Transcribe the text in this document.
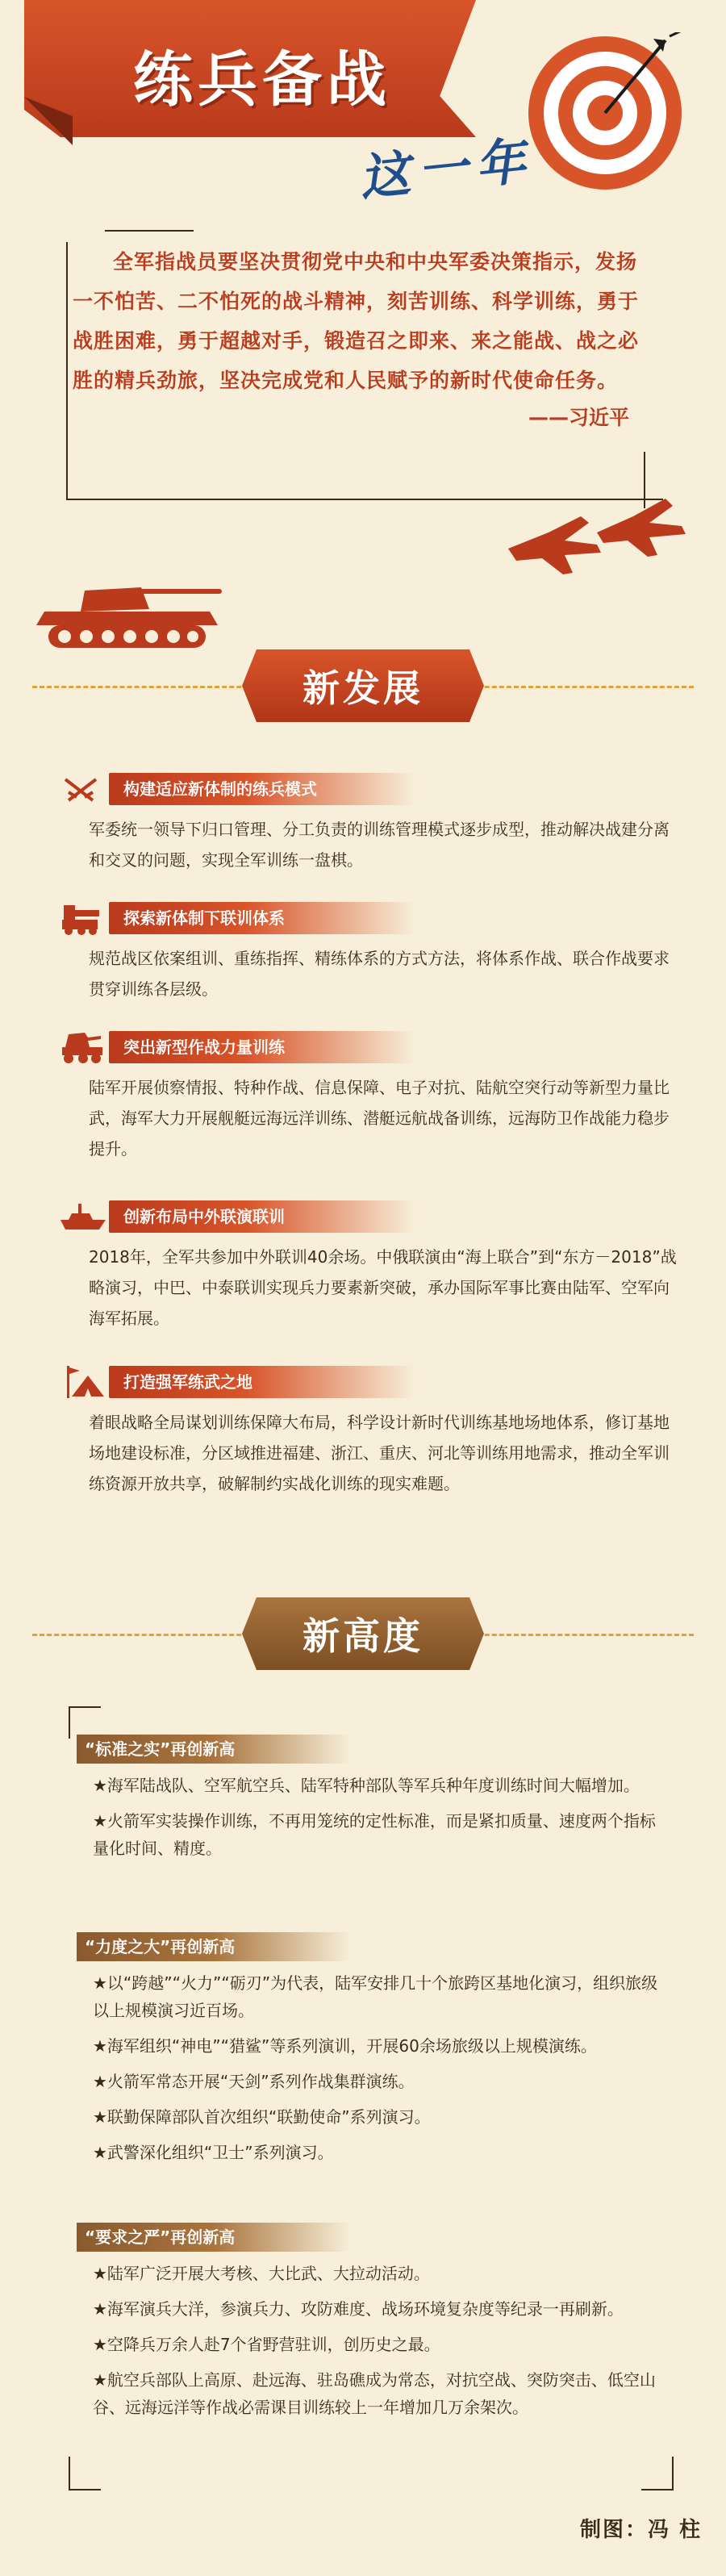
练兵备战
这一年

全军指战员要坚决贯彻党中央和中央军委决策指示，发扬一不怕苦、二不怕死的战斗精神，刻苦训练、科学训练，勇于战胜困难，勇于超越对手，锻造召之即来、来之能战、战之必胜的精兵劲旅，坚决完成党和人民赋予的新时代使命任务。

——习近平

新发展
构建适应新体制的练兵模式

军委统一领导下归口管理、分工负责的训练管理模式逐步成型，推动解决战建分离和交叉的问题，实现全军训练一盘棋。

探索新体制下联训体系

规范战区依案组训、重练指挥、精练体系的方式方法，将体系作战、联合作战要求贯穿训练各层级。

突出新型作战力量训练

陆军开展侦察情报、特种作战、信息保障、电子对抗、陆航空突行动等新型力量比武，海军大力开展舰艇远海远洋训练、潜艇远航战备训练，远海防卫作战能力稳步提升。

创新布局中外联演联训

2018年，全军共参加中外联训40余场。中俄联演由“海上联合”到“东方－2018”战略演习，中巴、中泰联训实现兵力要素新突破，承办国际军事比赛由陆军、空军向海军拓展。

打造强军练武之地

着眼战略全局谋划训练保障大布局，科学设计新时代训练基地场地体系，修订基地场地建设标准，分区域推进福建、浙江、重庆、河北等训练用地需求，推动全军训练资源开放共享，破解制约实战化训练的现实难题。

新高度
“标准之实”再创新高

★海军陆战队、空军航空兵、陆军特种部队等军兵种年度训练时间大幅增加。

★火箭军实装操作训练，不再用笼统的定性标准，而是紧扣质量、速度两个指标量化时间、精度。

“力度之大”再创新高

★以“跨越”“火力”“砺刃”为代表，陆军安排几十个旅跨区基地化演习，组织旅级以上规模演习近百场。

★海军组织“神电”“猎鲨”等系列演训，开展60余场旅级以上规模演练。

★火箭军常态开展“天剑”系列作战集群演练。

★联勤保障部队首次组织“联勤使命”系列演习。

★武警深化组织“卫士”系列演习。

“要求之严”再创新高

★陆军广泛开展大考核、大比武、大拉动活动。

★海军演兵大洋，参演兵力、攻防难度、战场环境复杂度等纪录一再刷新。

★空降兵万余人赴7个省野营驻训，创历史之最。

★航空兵部队上高原、赴远海、驻岛礁成为常态，对抗空战、突防突击、低空山谷、远海远洋等作战必需课目训练较上一年增加几万余架次。

制图：冯 柱
